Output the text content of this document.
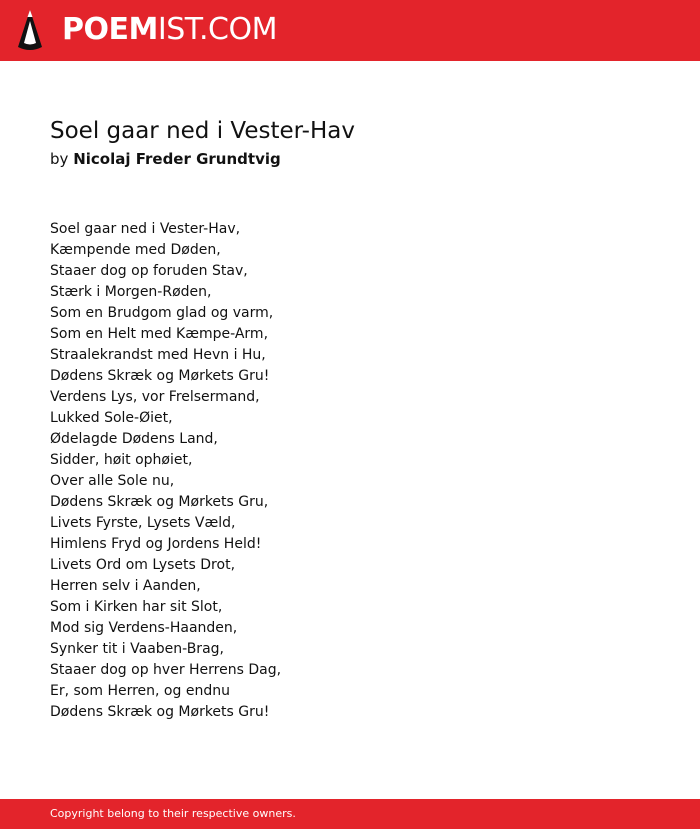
POEMIST.COM
Soel gaar ned i Vester-Hav
by Nicolaj Freder Grundtvig
Soel gaar ned i Vester-Hav,
Kæmpende med Døden,
Staaer dog op foruden Stav,
Stærk i Morgen-Røden,
Som en Brudgom glad og varm,
Som en Helt med Kæmpe-Arm,
Straalekrandst med Hevn i Hu,
Dødens Skræk og Mørkets Gru!
Verdens Lys, vor Frelsermand,
Lukked Sole-Øiet,
Ødelagde Dødens Land,
Sidder, høit ophøiet,
Over alle Sole nu,
Dødens Skræk og Mørkets Gru,
Livets Fyrste, Lysets Væld,
Himlens Fryd og Jordens Held!
Livets Ord om Lysets Drot,
Herren selv i Aanden,
Som i Kirken har sit Slot,
Mod sig Verdens-Haanden,
Synker tit i Vaaben-Brag,
Staaer dog op hver Herrens Dag,
Er, som Herren, og endnu
Dødens Skræk og Mørkets Gru!
Copyright belong to their respective owners.
